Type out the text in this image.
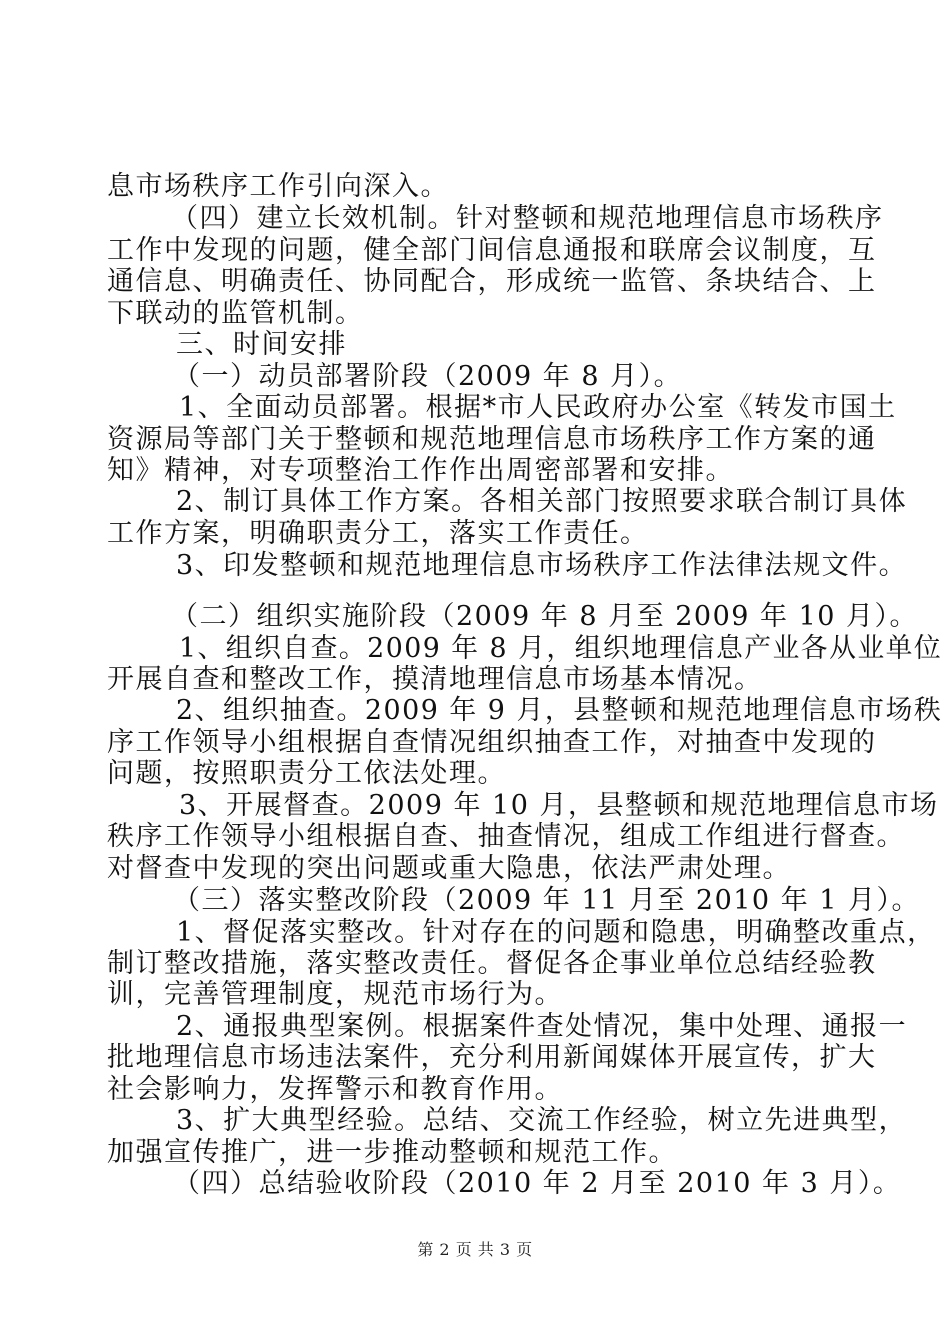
息市场秩序工作引向深入。
（四）建立长效机制。针对整顿和规范地理信息市场秩序
工作中发现的问题，健全部门间信息通报和联席会议制度，互
通信息、明确责任、协同配合，形成统一监管、条块结合、上
下联动的监管机制。
三、时间安排
（一）动员部署阶段（2009 年 8 月）。
1、全面动员部署。根据*市人民政府办公室《转发市国土
资源局等部门关于整顿和规范地理信息市场秩序工作方案的通
知》精神，对专项整治工作作出周密部署和安排。
2、制订具体工作方案。各相关部门按照要求联合制订具体
工作方案，明确职责分工，落实工作责任。
3、印发整顿和规范地理信息市场秩序工作法律法规文件。
（二）组织实施阶段（2009 年 8 月至 2009 年 10 月）。
1、组织自查。2009 年 8 月，组织地理信息产业各从业单位
开展自查和整改工作，摸清地理信息市场基本情况。
2、组织抽查。2009 年 9 月，县整顿和规范地理信息市场秩
序工作领导小组根据自查情况组织抽查工作，对抽查中发现的
问题，按照职责分工依法处理。
3、开展督查。2009 年 10 月，县整顿和规范地理信息市场
秩序工作领导小组根据自查、抽查情况，组成工作组进行督查。
对督查中发现的突出问题或重大隐患，依法严肃处理。
（三）落实整改阶段（2009 年 11 月至 2010 年 1 月）。
1、督促落实整改。针对存在的问题和隐患，明确整改重点，
制订整改措施，落实整改责任。督促各企事业单位总结经验教
训，完善管理制度，规范市场行为。
2、通报典型案例。根据案件查处情况，集中处理、通报一
批地理信息市场违法案件，充分利用新闻媒体开展宣传，扩大
社会影响力，发挥警示和教育作用。
3、扩大典型经验。总结、交流工作经验，树立先进典型，
加强宣传推广，进一步推动整顿和规范工作。
（四）总结验收阶段（2010 年 2 月至 2010 年 3 月）。
第 2 页 共 3 页
